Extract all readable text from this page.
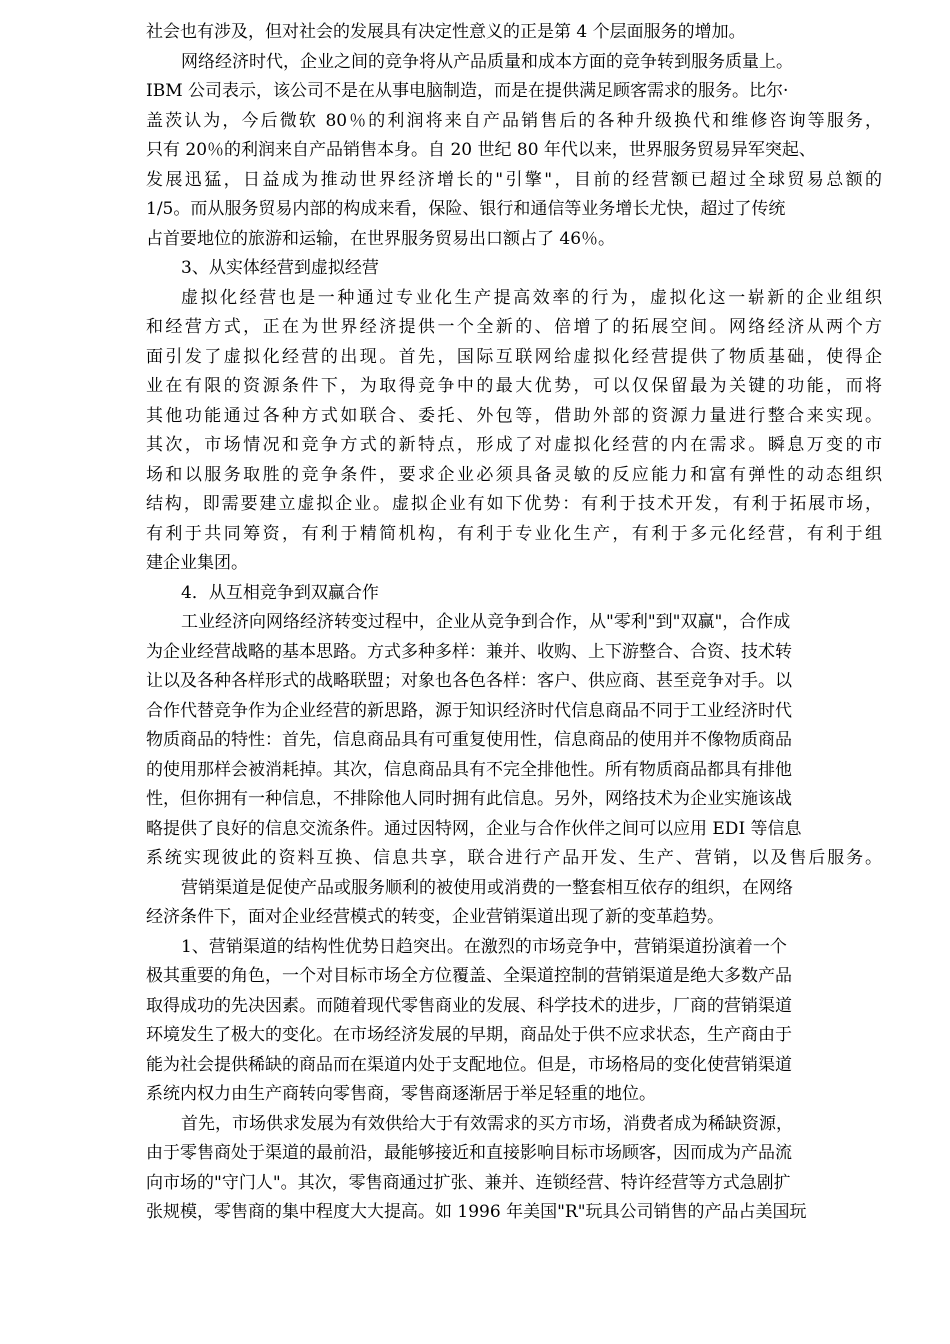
社会也有涉及，但对社会的发展具有决定性意义的正是第 4 个层面服务的增加。
网络经济时代，企业之间的竞争将从产品质量和成本方面的竞争转到服务质量上。
IBM 公司表示，该公司不是在从事电脑制造，而是在提供满足顾客需求的服务。比尔·
盖茨认为，今后微软 80％的利润将来自产品销售后的各种升级换代和维修咨询等服务，
只有 20％的利润来自产品销售本身。自 20 世纪 80 年代以来，世界服务贸易异军突起、
发展迅猛，日益成为推动世界经济增长的"引擎"，目前的经营额已超过全球贸易总额的
1/5。而从服务贸易内部的构成来看，保险、银行和通信等业务增长尤快，超过了传统
占首要地位的旅游和运输，在世界服务贸易出口额占了 46％。
3、从实体经营到虚拟经营
虚拟化经营也是一种通过专业化生产提高效率的行为，虚拟化这一崭新的企业组织
和经营方式，正在为世界经济提供一个全新的、倍增了的拓展空间。网络经济从两个方
面引发了虚拟化经营的出现。首先，国际互联网给虚拟化经营提供了物质基础，使得企
业在有限的资源条件下，为取得竞争中的最大优势，可以仅保留最为关键的功能，而将
其他功能通过各种方式如联合、委托、外包等，借助外部的资源力量进行整合来实现。
其次，市场情况和竞争方式的新特点，形成了对虚拟化经营的内在需求。瞬息万变的市
场和以服务取胜的竞争条件，要求企业必须具备灵敏的反应能力和富有弹性的动态组织
结构，即需要建立虚拟企业。虚拟企业有如下优势：有利于技术开发，有利于拓展市场，
有利于共同筹资，有利于精简机构，有利于专业化生产，有利于多元化经营，有利于组
建企业集团。
4．从互相竞争到双赢合作
工业经济向网络经济转变过程中，企业从竞争到合作，从"零利"到"双赢"，合作成
为企业经营战略的基本思路。方式多种多样：兼并、收购、上下游整合、合资、技术转
让以及各种各样形式的战略联盟；对象也各色各样：客户、供应商、甚至竞争对手。以
合作代替竞争作为企业经营的新思路，源于知识经济时代信息商品不同于工业经济时代
物质商品的特性：首先，信息商品具有可重复使用性，信息商品的使用并不像物质商品
的使用那样会被消耗掉。其次，信息商品具有不完全排他性。所有物质商品都具有排他
性，但你拥有一种信息，不排除他人同时拥有此信息。另外，网络技术为企业实施该战
略提供了良好的信息交流条件。通过因特网，企业与合作伙伴之间可以应用 EDI 等信息
系统实现彼此的资料互换、信息共享，联合进行产品开发、生产、营销，以及售后服务。
营销渠道是促使产品或服务顺利的被使用或消费的一整套相互依存的组织，在网络
经济条件下，面对企业经营模式的转变，企业营销渠道出现了新的变革趋势。
1、营销渠道的结构性优势日趋突出。在激烈的市场竞争中，营销渠道扮演着一个
极其重要的角色，一个对目标市场全方位覆盖、全渠道控制的营销渠道是绝大多数产品
取得成功的先决因素。而随着现代零售商业的发展、科学技术的进步，厂商的营销渠道
环境发生了极大的变化。在市场经济发展的早期，商品处于供不应求状态，生产商由于
能为社会提供稀缺的商品而在渠道内处于支配地位。但是，市场格局的变化使营销渠道
系统内权力由生产商转向零售商，零售商逐渐居于举足轻重的地位。
首先，市场供求发展为有效供给大于有效需求的买方市场，消费者成为稀缺资源，
由于零售商处于渠道的最前沿，最能够接近和直接影响目标市场顾客，因而成为产品流
向市场的"守门人"。其次，零售商通过扩张、兼并、连锁经营、特许经营等方式急剧扩
张规模，零售商的集中程度大大提高。如 1996 年美国"R"玩具公司销售的产品占美国玩
